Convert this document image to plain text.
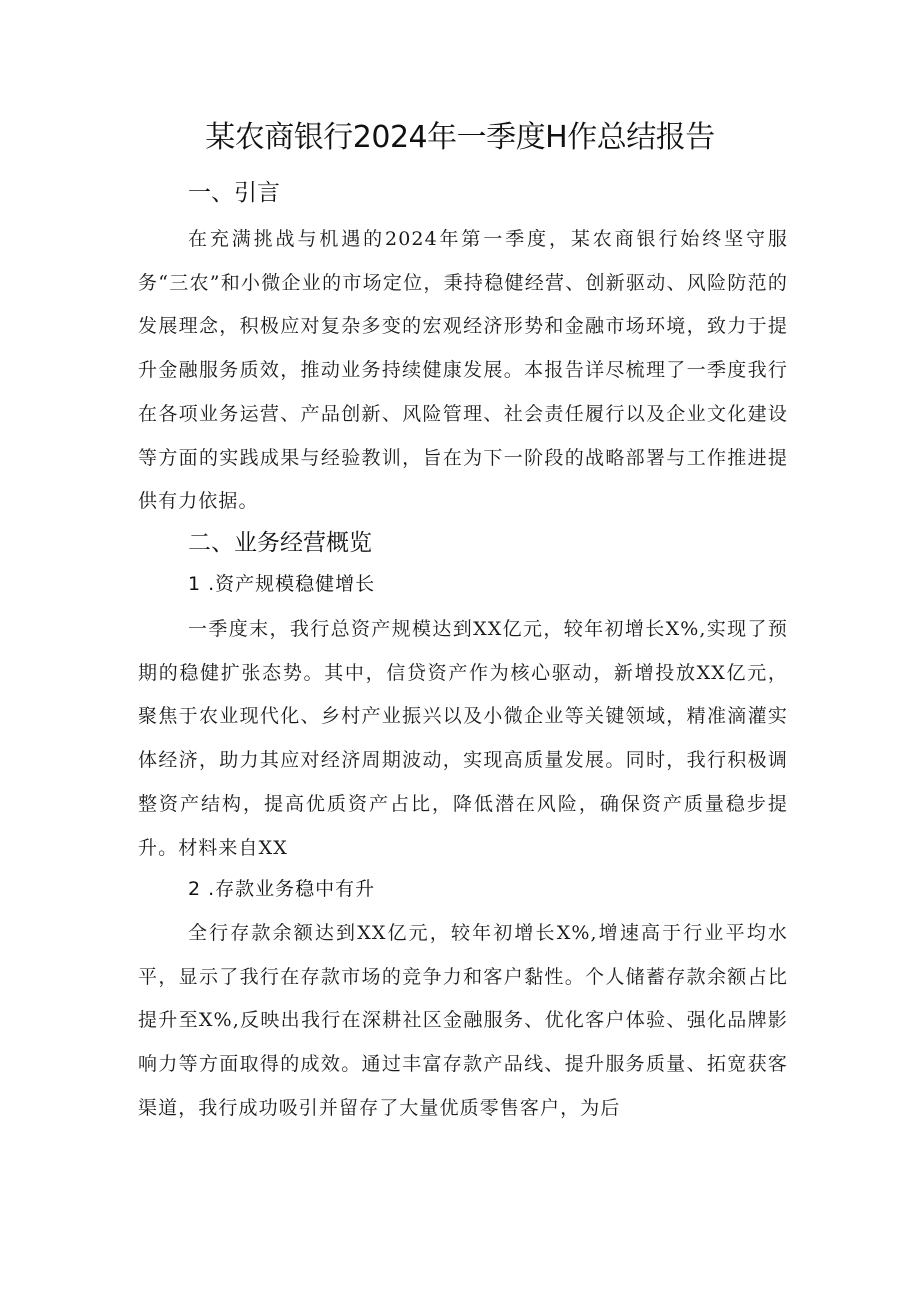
某农商银行2024年一季度H作总结报告
一、引言
在充满挑战与机遇的2024年第一季度，某农商银行始终坚守服务“三农”和小微企业的市场定位，秉持稳健经营、创新驱动、风险防范的发展理念，积极应对复杂多变的宏观经济形势和金融市场环境，致力于提升金融服务质效，推动业务持续健康发展。本报告详尽梳理了一季度我行在各项业务运营、产品创新、风险管理、社会责任履行以及企业文化建设等方面的实践成果与经验教训，旨在为下一阶段的战略部署与工作推进提供有力依据。
二、业务经营概览
1 .资产规模稳健增长
一季度末，我行总资产规模达到XX亿元，较年初增长X%,实现了预期的稳健扩张态势。其中，信贷资产作为核心驱动，新增投放XX亿元，聚焦于农业现代化、乡村产业振兴以及小微企业等关键领域，精准滴灌实体经济，助力其应对经济周期波动，实现高质量发展。同时，我行积极调整资产结构，提高优质资产占比，降低潜在风险，确保资产质量稳步提升。材料来自XX
2 .存款业务稳中有升
全行存款余额达到XX亿元，较年初增长X%,增速高于行业平均水平，显示了我行在存款市场的竞争力和客户黏性。个人储蓄存款余额占比提升至X%,反映出我行在深耕社区金融服务、优化客户体验、强化品牌影响力等方面取得的成效。通过丰富存款产品线、提升服务质量、拓宽获客渠道，我行成功吸引并留存了大量优质零售客户，为后
